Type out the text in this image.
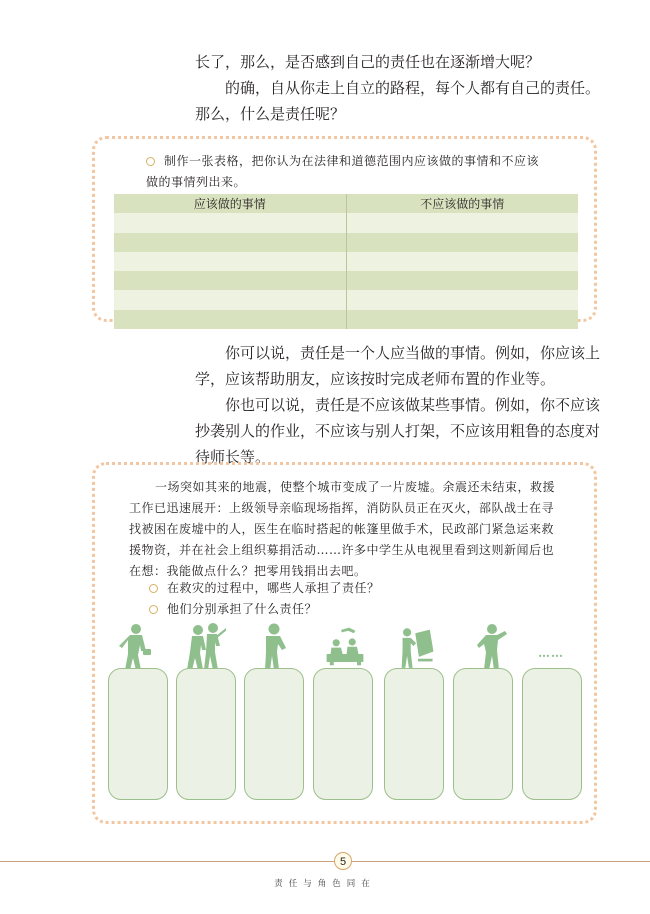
长了，那么，是否感到自己的责任也在逐渐增大呢？

的确，自从你走上自立的路程，每个人都有自己的责任。那么，什么是责任呢？

制作一张表格，把你认为在法律和道德范围内应该做的事情和不应该做的事情列出来。

应该做的事情	不应该做的事情

你可以说，责任是一个人应当做的事情。例如，你应该上学，应该帮助朋友，应该按时完成老师布置的作业等。

你也可以说，责任是不应该做某些事情。例如，你不应该抄袭别人的作业，不应该与别人打架，不应该用粗鲁的态度对待师长等。

一场突如其来的地震，使整个城市变成了一片废墟。余震还未结束，救援工作已迅速展开：上级领导亲临现场指挥，消防队员正在灭火，部队战士在寻找被困在废墟中的人，医生在临时搭起的帐篷里做手术，民政部门紧急运来救援物资，并在社会上组织募捐活动……许多中学生从电视里看到这则新闻后也在想：我能做点什么？把零用钱捐出去吧。

在救灾的过程中，哪些人承担了责任？

他们分别承担了什么责任？

……
5
责任与角色同在
